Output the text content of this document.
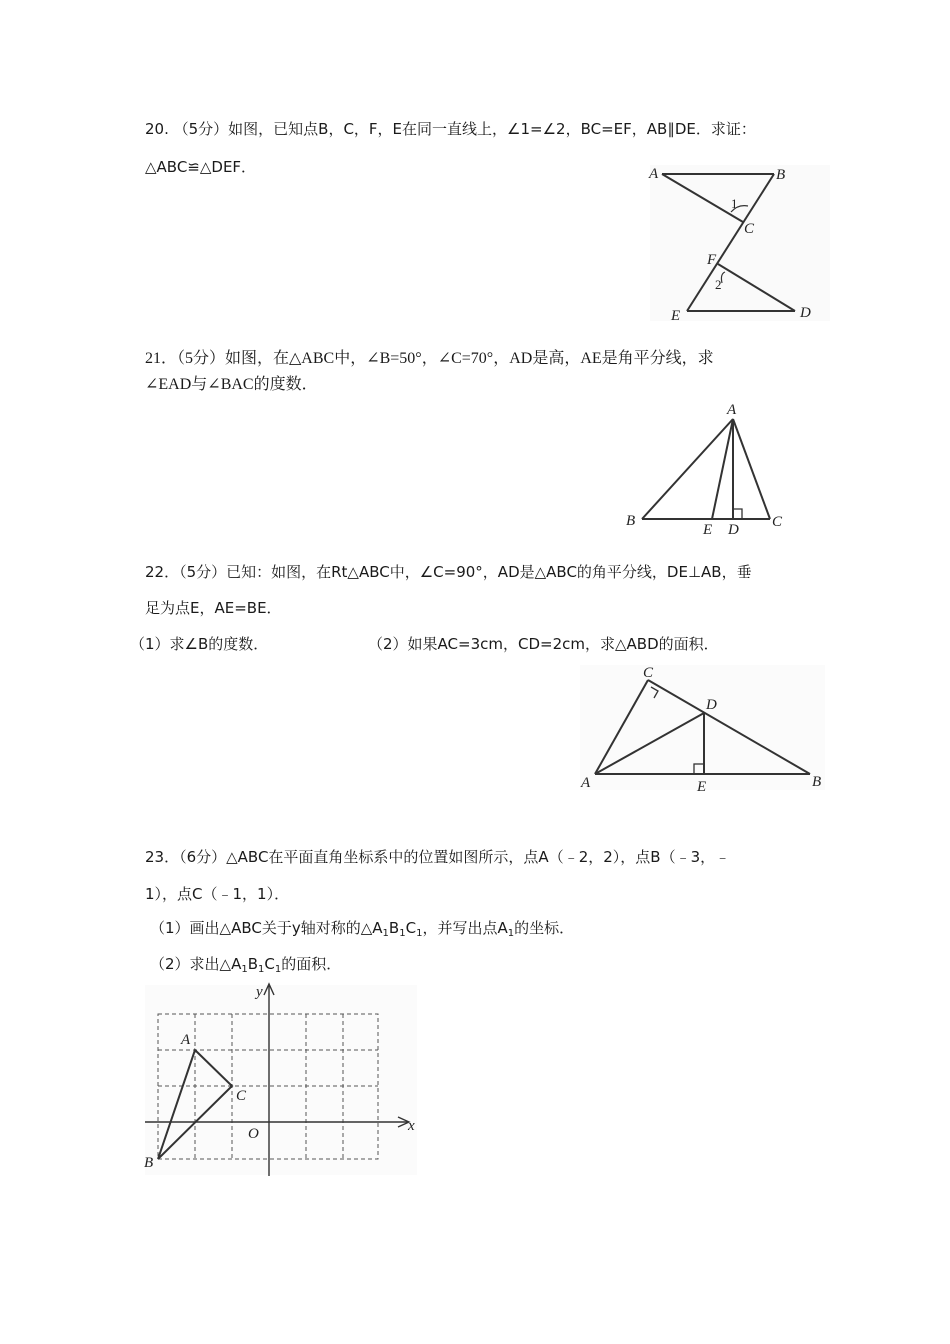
20. （5分）如图，已知点B，C，F，E在同一直线上，∠1=∠2，BC=EF，AB∥DE．求证：
△ABC≌△DEF．	A	B
C
F
E	D
1
2
21．（5分）如图，在△ABC中，∠B=50°，∠C=70°，AD是高，AE是角平分线，求
∠EAD与∠BAC的度数．
A
B
E D C
22．（5分）已知：如图，在Rt△ABC中，∠C=90°，AD是△ABC的角平分线，DE⊥AB，垂
足为点E，AE=BE．
（1）求∠B的度数．	（2）如果AC=3cm，CD=2cm，求△ABD的面积．
C
D
A	E	B
23．（6分）△ABC在平面直角坐标系中的位置如图所示，点A（﹣2，2），点B（﹣3，﹣
1），点C（﹣1，1）．
（1）画出△ABC关于y轴对称的$\triangle A_1B_1C_1$，并写出点$A_1$的坐标．
（2）求出$\triangle A_1B_1C_1$的面积．
y
x
O
A
B
C
